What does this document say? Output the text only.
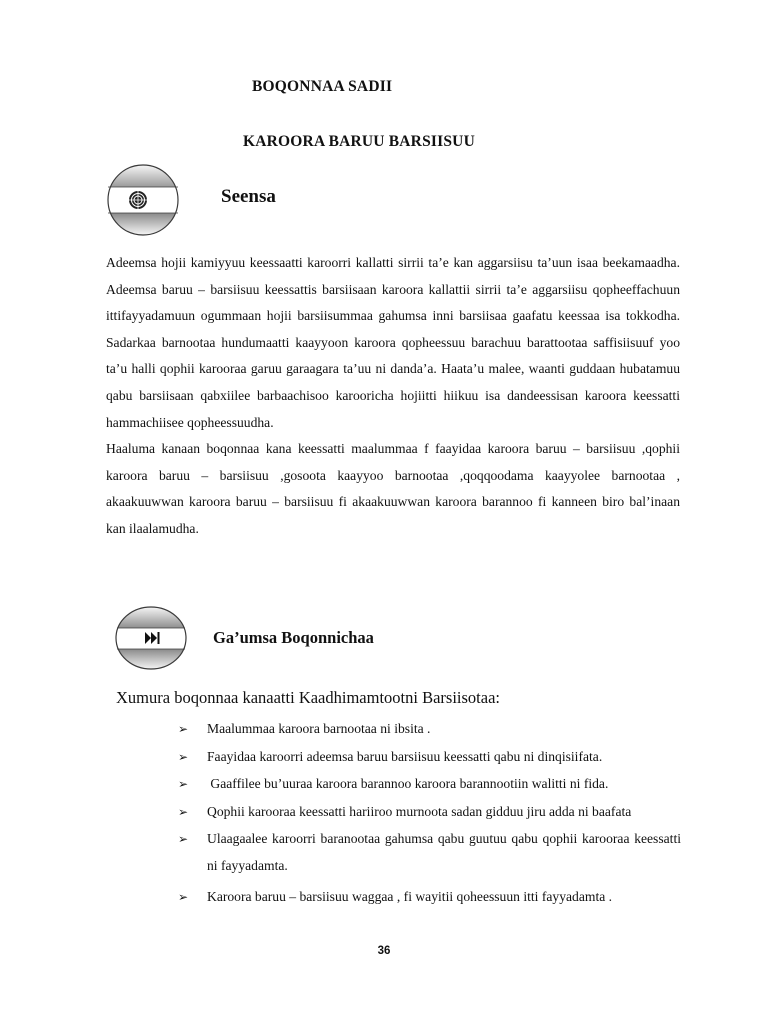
BOQONNAA SADII
KAROORA BARUU BARSIISUU
Seensa

Adeemsa hojii kamiyyuu keessaatti karoorri kallatti sirrii ta’e kan aggarsiisu ta’uun isaa beekamaadha. Adeemsa baruu – barsiisuu keessattis barsiisaan karoora kallattii sirrii ta’e aggarsiisu qopheeffachuun ittifayyadamuun ogummaan hojii barsiisummaa gahumsa inni barsiisaa gaafatu keessaa isa tokkodha. Sadarkaa barnootaa hundumaatti kaayyoon karoora qopheessuu barachuu barattootaa saffisiisuuf yoo ta’u halli qophii karooraa garuu garaagara ta’uu ni danda’a. Haata’u malee, waanti guddaan hubatamuu qabu barsiisaan qabxiilee barbaachisoo karooricha hojiitti hiikuu isa dandeessisan karoora keessatti hammachiisee qopheessuudha.

Haaluma kanaan boqonnaa kana keessatti maalummaa f faayidaa karoora baruu – barsiisuu ,qophii karoora baruu – barsiisuu ,gosoota kaayyoo barnootaa ,qoqqoodama kaayyolee barnootaa , akaakuuwwan karoora baruu – barsiisuu fi akaakuuwwan karoora barannoo fi kanneen biro bal’inaan kan ilaalamudha.

Ga’umsa Boqonnichaa
Xumura boqonnaa kanaatti Kaadhimamtootni Barsiisotaa:
➢ Maalummaa karoora barnootaa ni ibsita .
➢ Faayidaa karoorri adeemsa baruu barsiisuu keessatti qabu ni dinqisiifata.
➢ Gaaffilee bu’uuraa karoora barannoo karoora barannootiin walitti ni fida.
➢ Qophii karooraa keessatti hariiroo murnoota sadan gidduu jiru adda ni baafata
➢ Ulaagaalee karoorri baranootaa gahumsa qabu guutuu qabu qophii karooraa keessatti ni fayyadamta.
➢ Karoora baruu – barsiisuu waggaa , fi wayitii qoheessuun itti fayyadamta .
36
